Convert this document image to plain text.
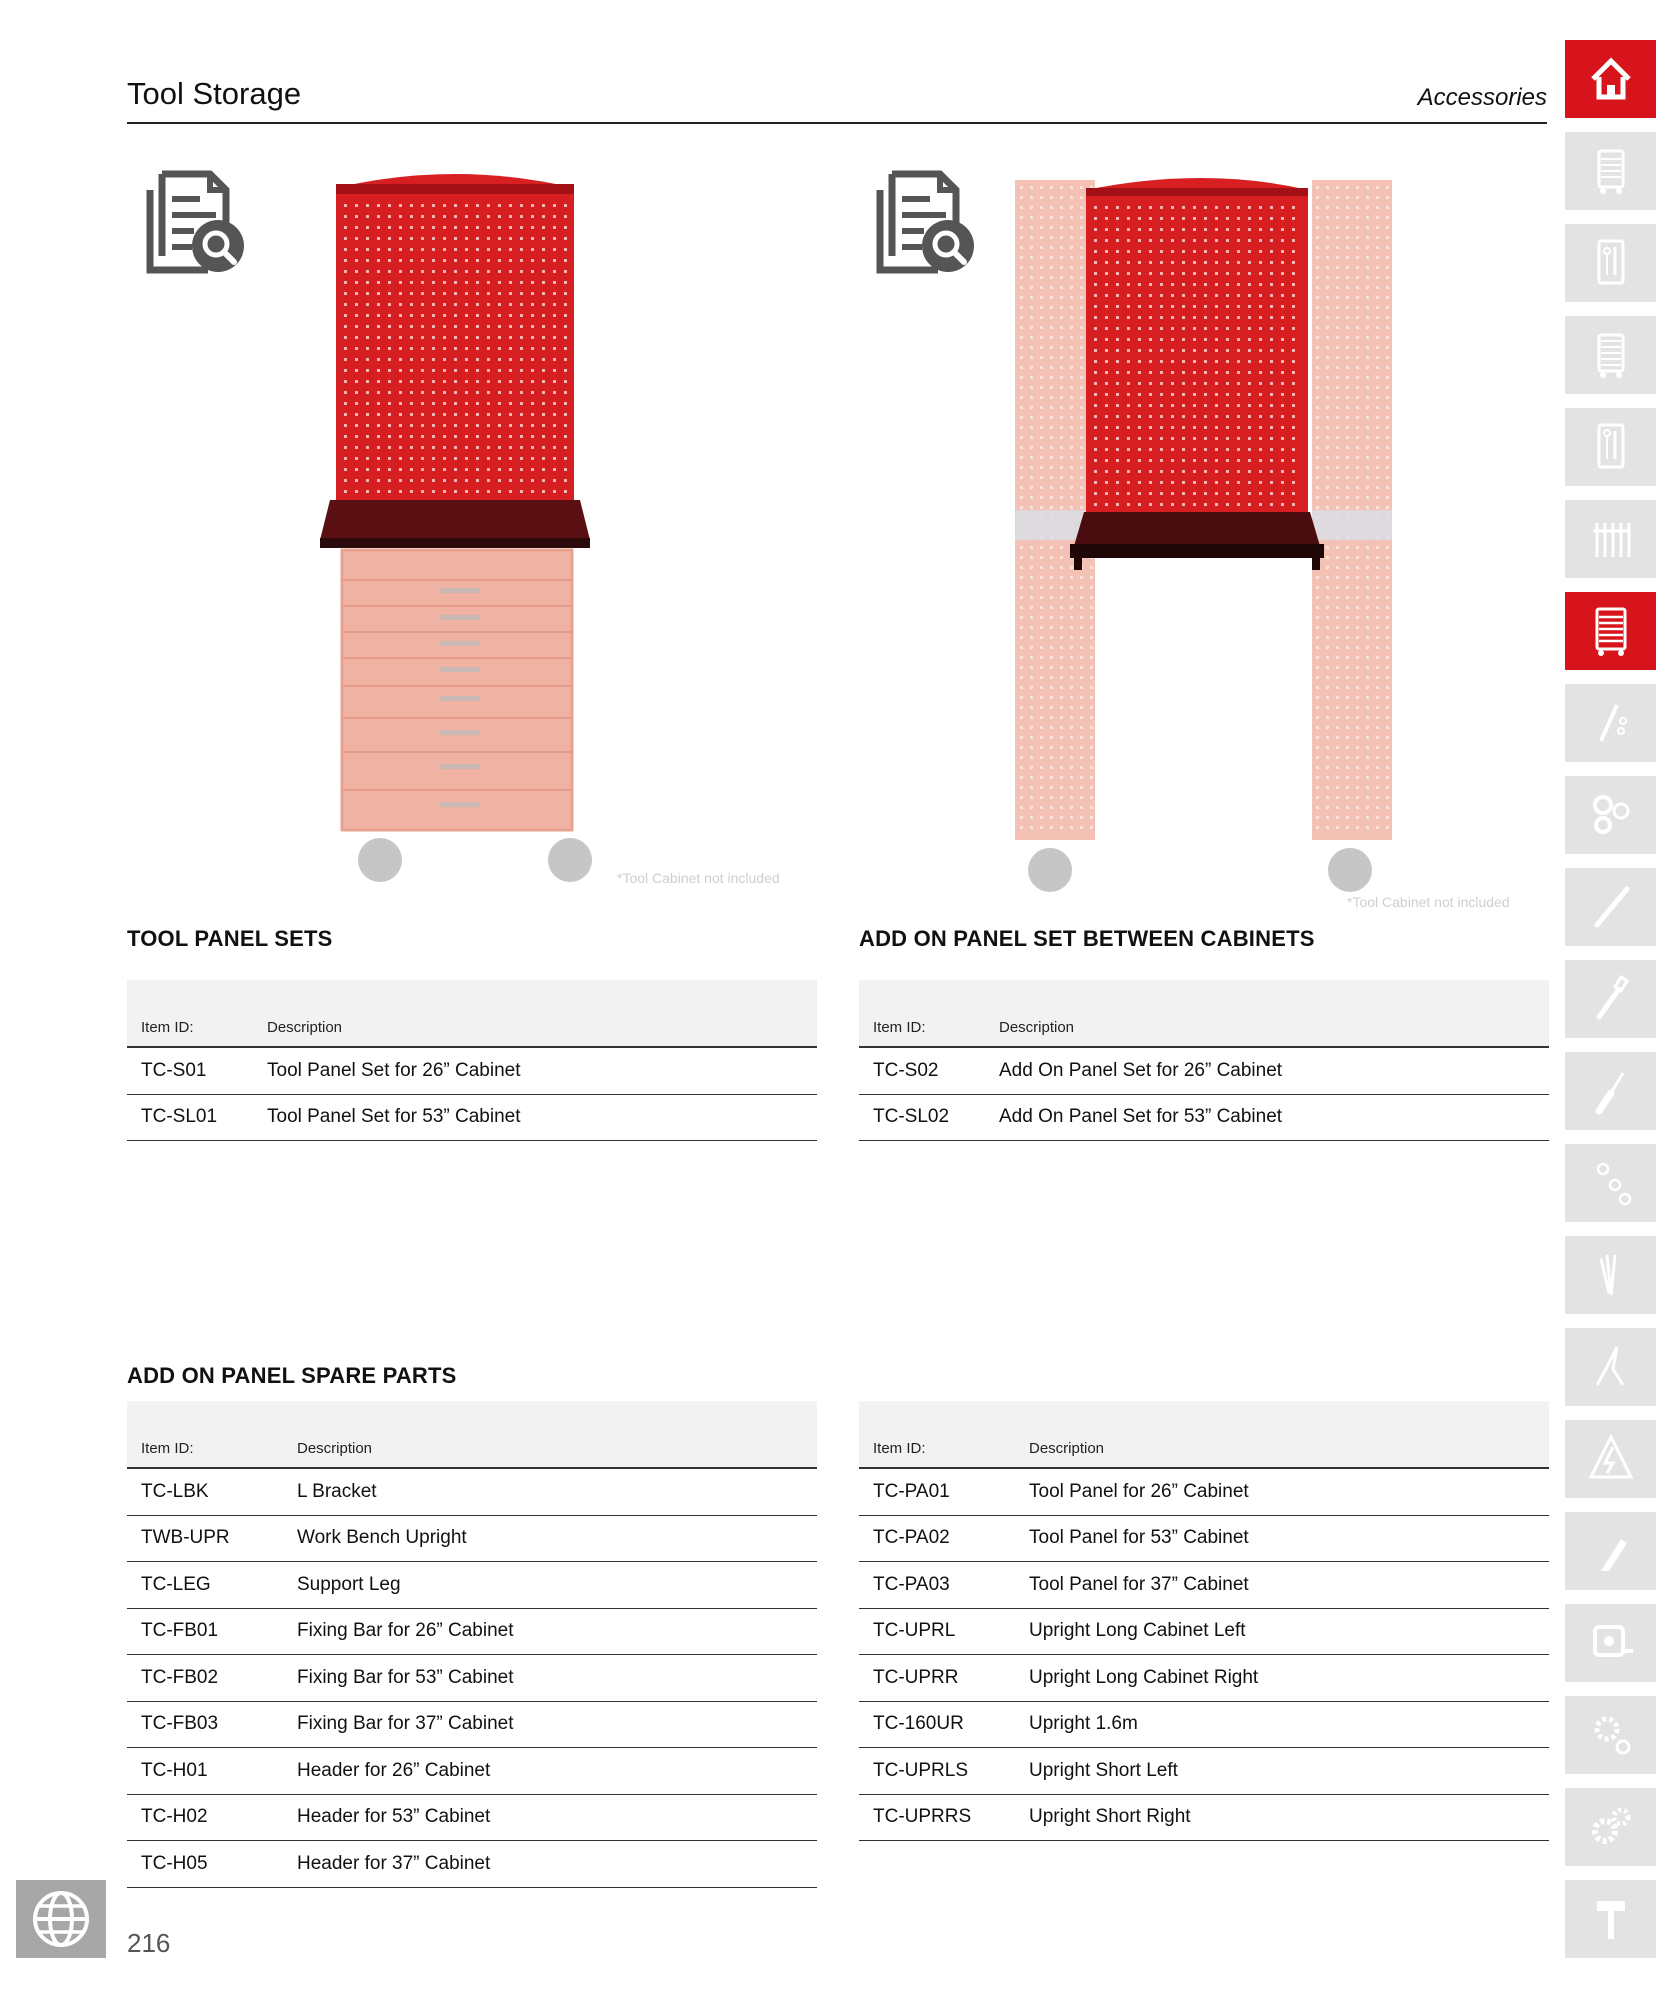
Tool Storage	Accessories
*Tool Cabinet not included
*Tool Cabinet not included
TOOL PANEL SETS
Item ID:	Description
TC-S01	Tool Panel Set for 26” Cabinet
TC-SL01	Tool Panel Set for 53” Cabinet
ADD ON PANEL SET BETWEEN CABINETS
Item ID:	Description
TC-S02	Add On Panel Set for 26” Cabinet
TC-SL02	Add On Panel Set for 53” Cabinet
ADD ON PANEL SPARE PARTS
Item ID:	Description
TC-LBK	L Bracket
TWB-UPR	Work Bench Upright
TC-LEG	Support Leg
TC-FB01	Fixing Bar for 26” Cabinet
TC-FB02	Fixing Bar for 53” Cabinet
TC-FB03	Fixing Bar for 37” Cabinet
TC-H01	Header for 26” Cabinet
TC-H02	Header for 53” Cabinet
TC-H05	Header for 37” Cabinet
Item ID:	Description
TC-PA01	Tool Panel for 26” Cabinet
TC-PA02	Tool Panel for 53” Cabinet
TC-PA03	Tool Panel for 37” Cabinet
TC-UPRL	Upright Long Cabinet Left
TC-UPRR	Upright Long Cabinet Right
TC-160UR	Upright 1.6m
TC-UPRLS	Upright Short Left
TC-UPRRS	Upright Short Right
216
